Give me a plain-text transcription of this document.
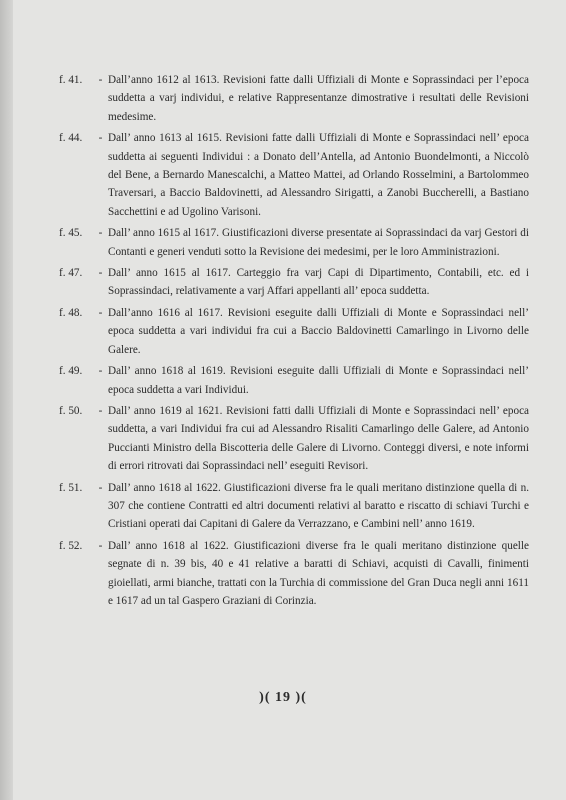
f. 41.	- Dall’anno 1612 al 1613. Revisioni fatte dalli Uffiziali di Monte e Soprassindaci per l’epoca suddetta a varj individui, e relative Rappresentanze dimostrative i resultati delle Revisioni medesime.
f. 44.	- Dall’ anno 1613 al 1615. Revisioni fatte dalli Uffiziali di Monte e Soprassindaci nell’ epoca suddetta ai seguenti Individui : a Donato dell’Antella, ad Antonio Buondelmonti, a Niccolò del Bene, a Bernardo Manescalchi, a Matteo Mattei, ad Orlando Rosselmini, a Bartolommeo Traversari, a Baccio Baldovinetti, ad Alessandro Sirigatti, a Zanobi Buccherelli, a Bastiano Sacchettini e ad Ugolino Varisoni.
f. 45.	- Dall’ anno 1615 al 1617. Giustificazioni diverse presentate ai Soprassindaci da varj Gestori di Contanti e generi venduti sotto la Revisione dei medesimi, per le loro Amministrazioni.
f. 47.	- Dall’ anno 1615 al 1617. Carteggio fra varj Capi di Dipartimento, Contabili, etc. ed i Soprassindaci, relativamente a varj Affari appellanti all’ epoca suddetta.
f. 48.	- Dall’anno 1616 al 1617. Revisioni eseguite dalli Uffiziali di Monte e Soprassindaci nell’ epoca suddetta a vari individui fra cui a Baccio Baldovinetti Camarlingo in Livorno delle Galere.
f. 49.	- Dall’ anno 1618 al 1619. Revisioni eseguite dalli Uffiziali di Monte e Soprassindaci nell’ epoca suddetta a vari Individui.
f. 50.	- Dall’ anno 1619 al 1621. Revisioni fatti dalli Uffiziali di Monte e Soprassindaci nell’ epoca suddetta, a vari Individui fra cui ad Alessandro Risaliti Camarlingo delle Galere, ad Antonio Puccianti Ministro della Biscotteria delle Galere di Livorno. Conteggi diversi, e note informi di errori ritrovati dai Soprassindaci nell’ eseguiti Revisori.
f. 51.	- Dall’ anno 1618 al 1622. Giustificazioni diverse fra le quali meritano distinzione quella di n. 307 che contiene Contratti ed altri documenti relativi al baratto e riscatto di schiavi Turchi e Cristiani operati dai Capitani di Galere da Verrazzano, e Cambini nell’ anno 1619.
f. 52.	- Dall’ anno 1618 al 1622. Giustificazioni diverse fra le quali meritano distinzione quelle segnate di n. 39 bis, 40 e 41 relative a baratti di Schiavi, acquisti di Cavalli, finimenti gioiellati, armi bianche, trattati con la Turchia di commissione del Gran Duca negli anni 1611 e 1617 ad un tal Gaspero Graziani di Corinzia.
)( 19 )(
